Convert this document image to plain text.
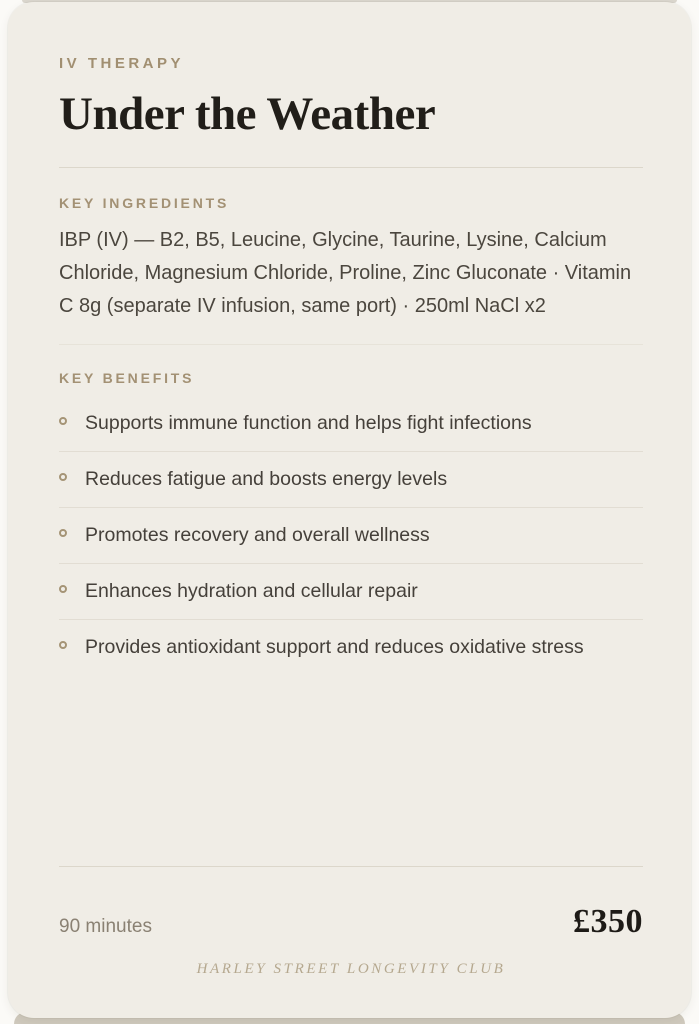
IV THERAPY
Under the Weather
KEY INGREDIENTS

IBP (IV) — B2, B5, Leucine, Glycine, Taurine, Lysine, Calcium Chloride, Magnesium Chloride, Proline, Zinc Gluconate · Vitamin C 8g (separate IV infusion, same port) · 250ml NaCl x2

KEY BENEFITS
Supports immune function and helps fight infections
Reduces fatigue and boosts energy levels
Promotes recovery and overall wellness
Enhances hydration and cellular repair
Provides antioxidant support and reduces oxidative stress
90 minutes	£350
HARLEY STREET LONGEVITY CLUB
